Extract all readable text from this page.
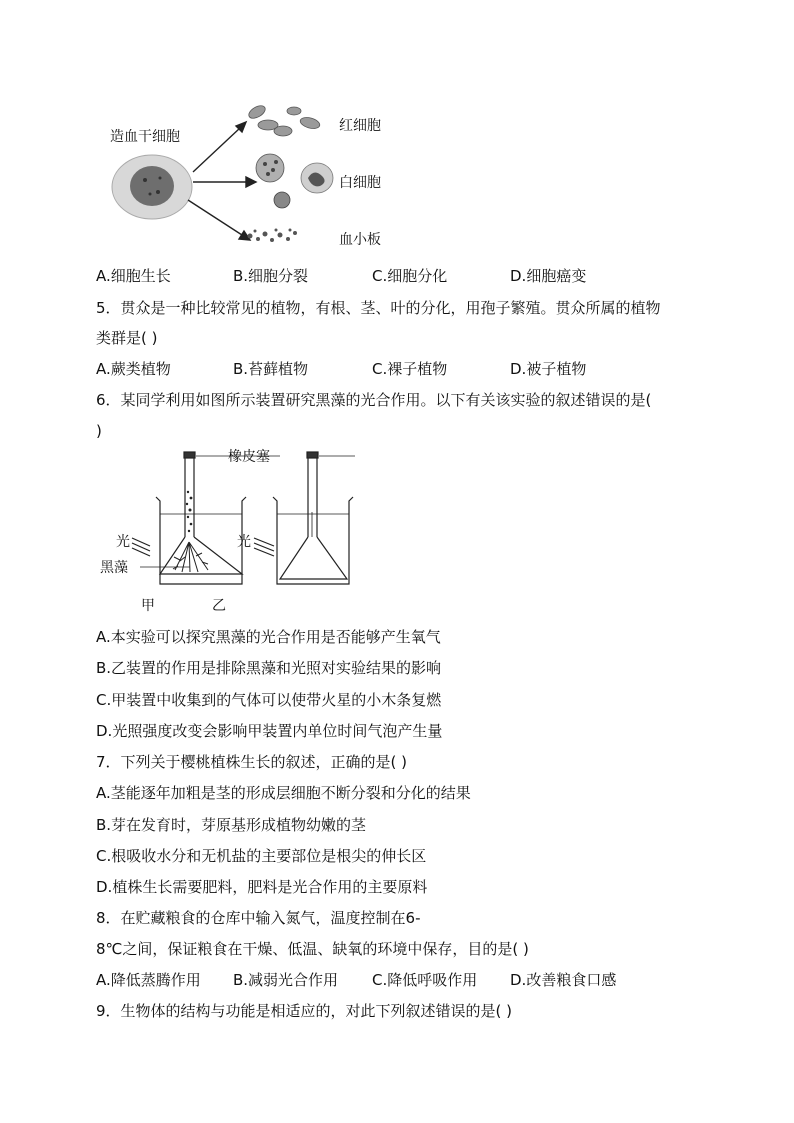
造血干细胞
红细胞
白细胞
血小板
A.细胞生长	B.细胞分裂	C.细胞分化	D.细胞癌变
5．贯众是一种比较常见的植物，有根、茎、叶的分化，用孢子繁殖。贯众所属的植物
类群是( )
A.蕨类植物	B.苔藓植物	C.裸子植物	D.被子植物
6．某同学利用如图所示装置研究黑藻的光合作用。以下有关该实验的叙述错误的是(
)
橡皮塞
光	光
黑藻
甲	乙
A.本实验可以探究黑藻的光合作用是否能够产生氧气
B.乙装置的作用是排除黑藻和光照对实验结果的影响
C.甲装置中收集到的气体可以使带火星的小木条复燃
D.光照强度改变会影响甲装置内单位时间气泡产生量
7．下列关于樱桃植株生长的叙述，正确的是( )
A.茎能逐年加粗是茎的形成层细胞不断分裂和分化的结果
B.芽在发育时，芽原基形成植物幼嫩的茎
C.根吸收水分和无机盐的主要部位是根尖的伸长区
D.植株生长需要肥料，肥料是光合作用的主要原料
8．在贮藏粮食的仓库中输入氮气，温度控制在6-
8℃之间，保证粮食在干燥、低温、缺氧的环境中保存，目的是( )
A.降低蒸腾作用 B.减弱光合作用 C.降低呼吸作用 D.改善粮食口感
9．生物体的结构与功能是相适应的，对此下列叙述错误的是( )
